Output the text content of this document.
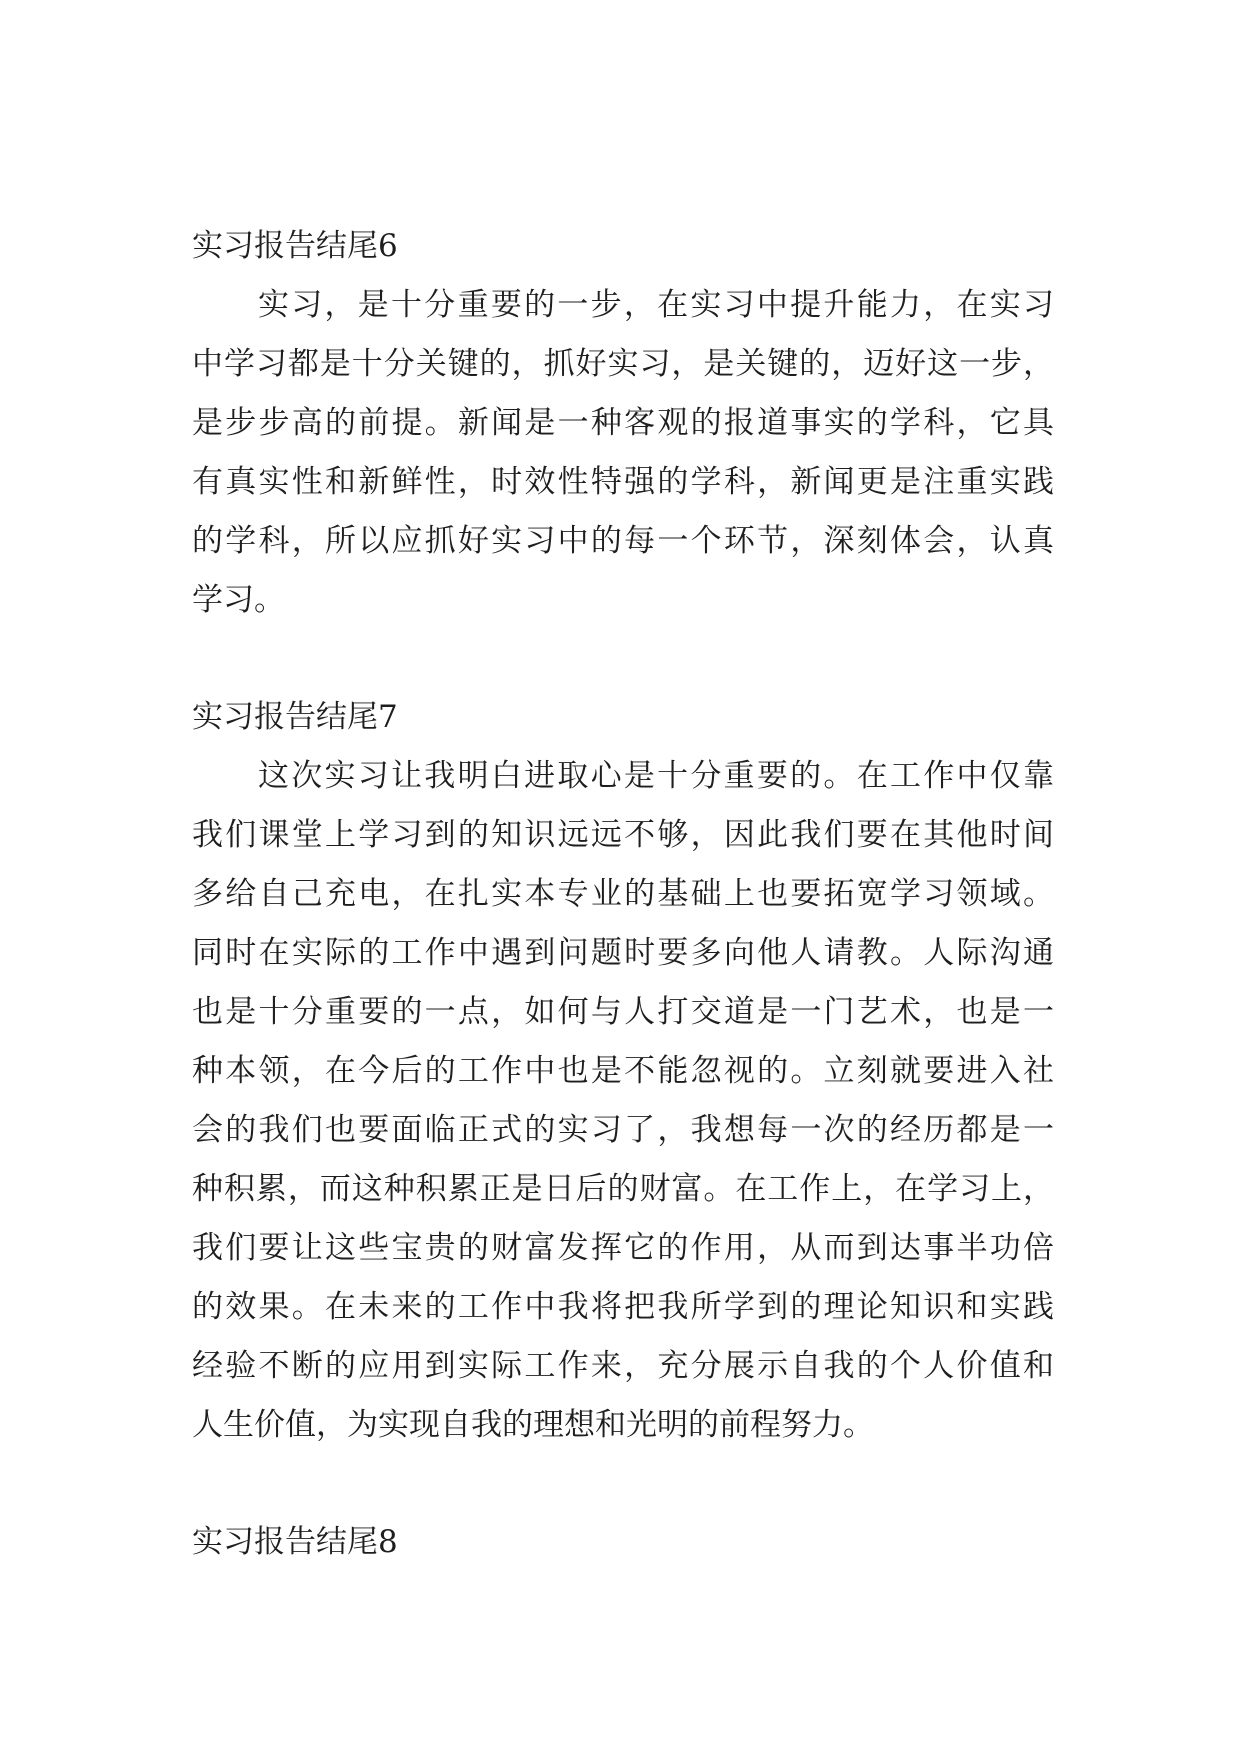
实习报告结尾6
实习，是十分重要的一步，在实习中提升能力，在实习
中学习都是十分关键的，抓好实习，是关键的，迈好这一步，
是步步高的前提。新闻是一种客观的报道事实的学科，它具
有真实性和新鲜性，时效性特强的学科，新闻更是注重实践
的学科，所以应抓好实习中的每一个环节，深刻体会，认真
学习。
实习报告结尾7
这次实习让我明白进取心是十分重要的。在工作中仅靠
我们课堂上学习到的知识远远不够，因此我们要在其他时间
多给自己充电，在扎实本专业的基础上也要拓宽学习领域。
同时在实际的工作中遇到问题时要多向他人请教。人际沟通
也是十分重要的一点，如何与人打交道是一门艺术，也是一
种本领，在今后的工作中也是不能忽视的。立刻就要进入社
会的我们也要面临正式的实习了，我想每一次的经历都是一
种积累，而这种积累正是日后的财富。在工作上，在学习上，
我们要让这些宝贵的财富发挥它的作用，从而到达事半功倍
的效果。在未来的工作中我将把我所学到的理论知识和实践
经验不断的应用到实际工作来，充分展示自我的个人价值和
人生价值，为实现自我的理想和光明的前程努力。
实习报告结尾8
